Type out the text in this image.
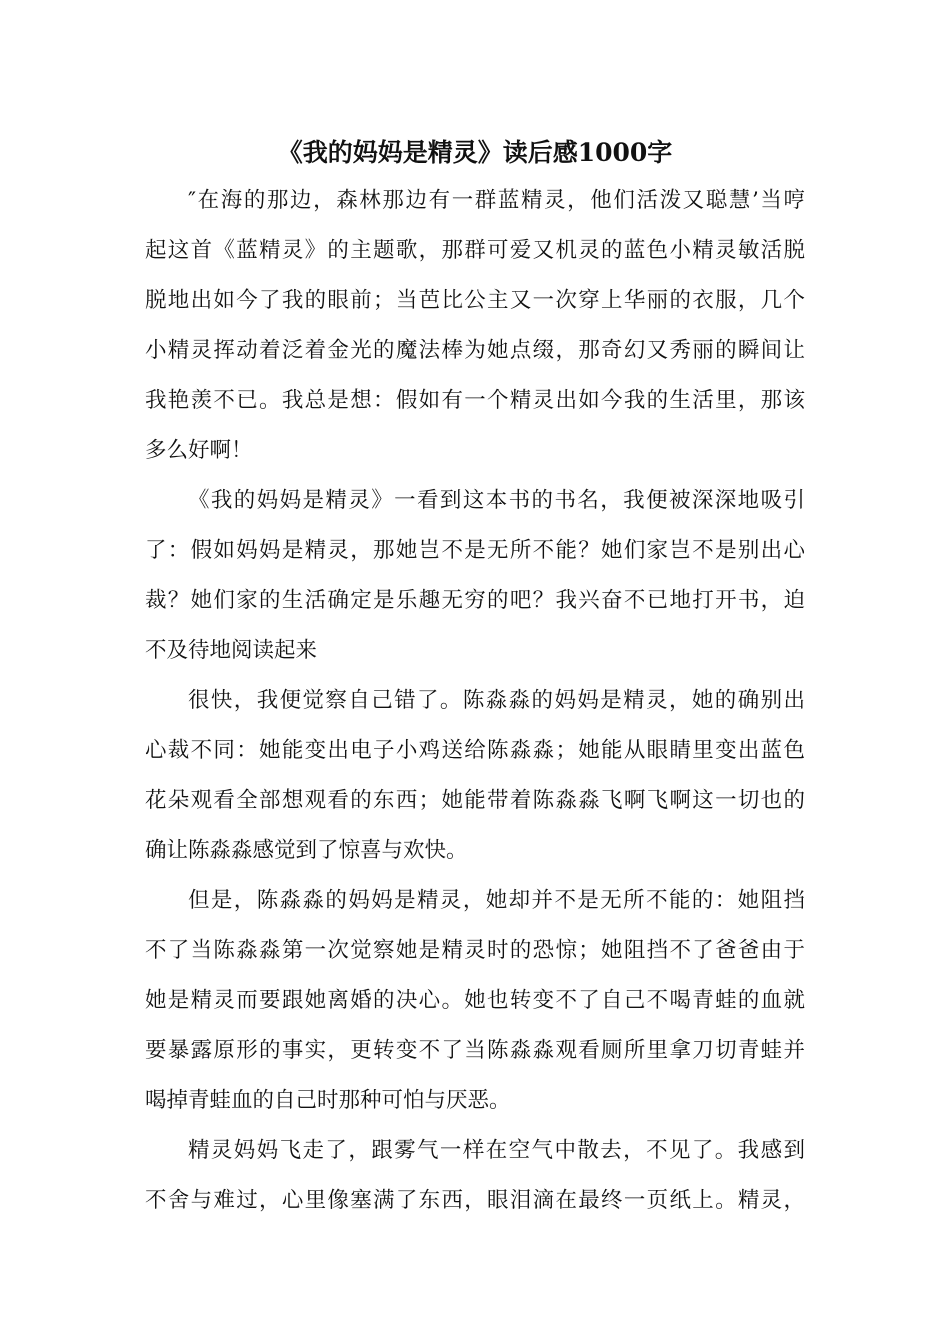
《我的妈妈是精灵》读后感1000字

″在海的那边，森林那边有一群蓝精灵，他们活泼又聪慧’当哼
起这首《蓝精灵》的主题歌，那群可爱又机灵的蓝色小精灵敏活脱
脱地出如今了我的眼前；当芭比公主又一次穿上华丽的衣服，几个
小精灵挥动着泛着金光的魔法棒为她点缀，那奇幻又秀丽的瞬间让
我艳羡不已。我总是想：假如有一个精灵出如今我的生活里，那该
多么好啊！

《我的妈妈是精灵》一看到这本书的书名，我便被深深地吸引
了：假如妈妈是精灵，那她岂不是无所不能？她们家岂不是别出心
裁？她们家的生活确定是乐趣无穷的吧？我兴奋不已地打开书，迫
不及待地阅读起来

很快，我便觉察自己错了。陈淼淼的妈妈是精灵，她的确别出
心裁不同：她能变出电子小鸡送给陈淼淼；她能从眼睛里变出蓝色
花朵观看全部想观看的东西；她能带着陈淼淼飞啊飞啊这一切也的
确让陈淼淼感觉到了惊喜与欢快。

但是，陈淼淼的妈妈是精灵，她却并不是无所不能的：她阻挡
不了当陈淼淼第一次觉察她是精灵时的恐惊；她阻挡不了爸爸由于
她是精灵而要跟她离婚的决心。她也转变不了自己不喝青蛙的血就
要暴露原形的事实，更转变不了当陈淼淼观看厕所里拿刀切青蛙并
喝掉青蛙血的自己时那种可怕与厌恶。

精灵妈妈飞走了，跟雾气一样在空气中散去，不见了。我感到
不舍与难过，心里像塞满了东西，眼泪滴在最终一页纸上。精灵，
